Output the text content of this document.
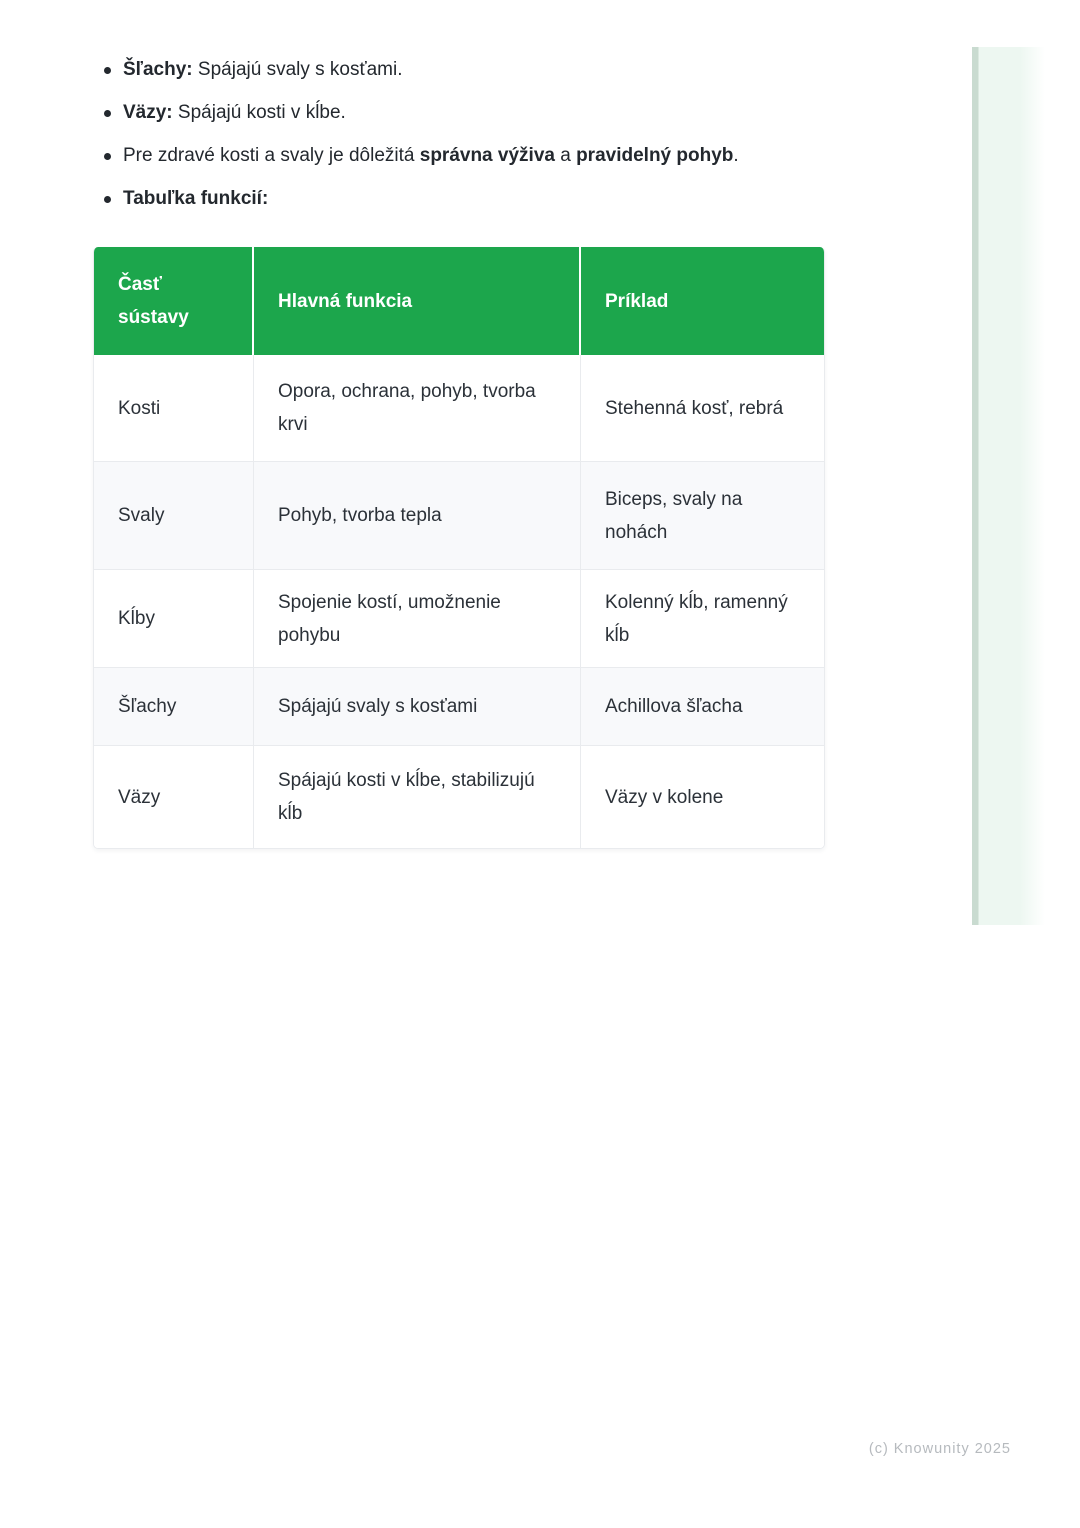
Šľachy: Spájajú svaly s kosťami.
Väzy: Spájajú kosti v kĺbe.
Pre zdravé kosti a svaly je dôležitá správna výživa a pravidelný pohyb.
Tabuľka funkcií:
Časť sústavy	Hlavná funkcia	Príklad
Kosti	Opora, ochrana, pohyb, tvorba krvi	Stehenná kosť, rebrá
Svaly	Pohyb, tvorba tepla	Biceps, svaly na nohách
Kĺby	Spojenie kostí, umožnenie pohybu	Kolenný kĺb, ramenný kĺb
Šľachy	Spájajú svaly s kosťami	Achillova šľacha
Väzy	Spájajú kosti v kĺbe, stabilizujú kĺb	Väzy v kolene
(c) Knowunity 2025
